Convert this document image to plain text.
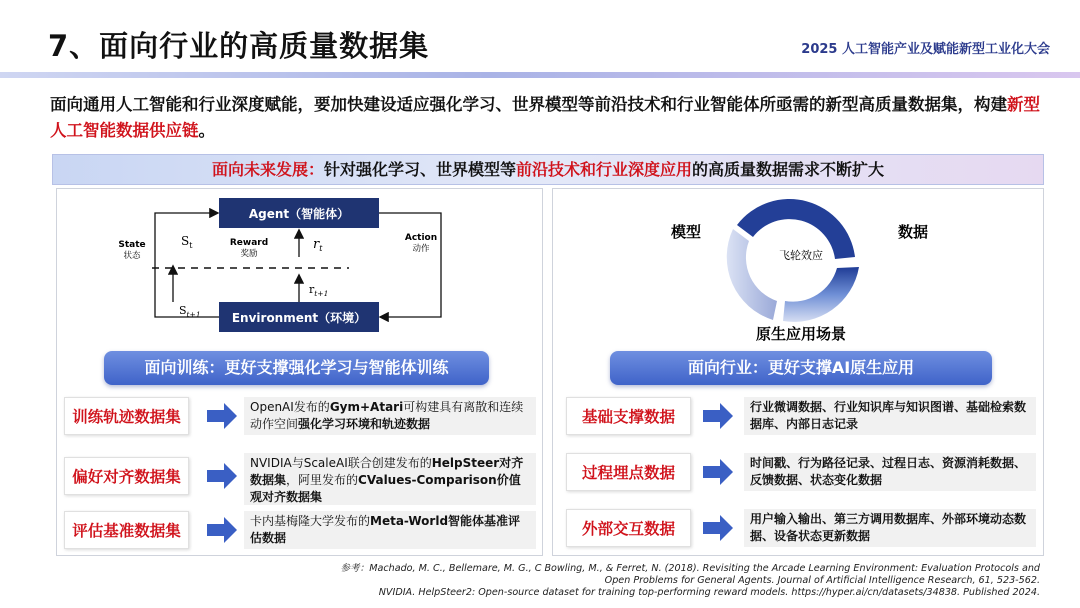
7、面向行业的高质量数据集	2025 人工智能产业及赋能新型工业化大会
面向通用人工智能和行业深度赋能，要加快建设适应强化学习、世界模型等前沿技术和行业智能体所亟需的新型高质量数据集，构建新型人工智能数据供应链。
面向未来发展：针对强化学习、世界模型等前沿技术和行业深度应用的高质量数据需求不断扩大
Agent（智能体）
Environment（环境）
State
状态
Action
动作
Reward
奖励
$S_t$	$r_t$
$S_{t+1}$
$r_{t+1}$
面向训练：更好支撑强化学习与智能体训练
训练轨迹数据集
OpenAI发布的Gym+Atari可构建具有离散和连续动作空间强化学习环境和轨迹数据
偏好对齐数据集
NVIDIA与ScaleAI联合创建发布的HelpSteer对齐数据集，阿里发布的CValues-Comparison价值观对齐数据集
评估基准数据集
卡内基梅隆大学发布的Meta-World智能体基准评估数据
飞轮效应
模型	数据
原生应用场景
面向行业：更好支撑AI原生应用
基础支撑数据
行业微调数据、行业知识库与知识图谱、基础检索数据库、内部日志记录
过程埋点数据
时间戳、行为路径记录、过程日志、资源消耗数据、反馈数据、状态变化数据
外部交互数据
用户输入输出、第三方调用数据库、外部环境动态数据、设备状态更新数据
参考：Machado, M. C., Bellemare, M. G., C Bowling, M., & Ferret, N. (2018). Revisiting the Arcade Learning Environment: Evaluation Protocols and
Open Problems for General Agents. Journal of Artificial Intelligence Research, 61, 523-562.
NVIDIA. HelpSteer2: Open-source dataset for training top-performing reward models. https://hyper.ai/cn/datasets/34838. Published 2024.
